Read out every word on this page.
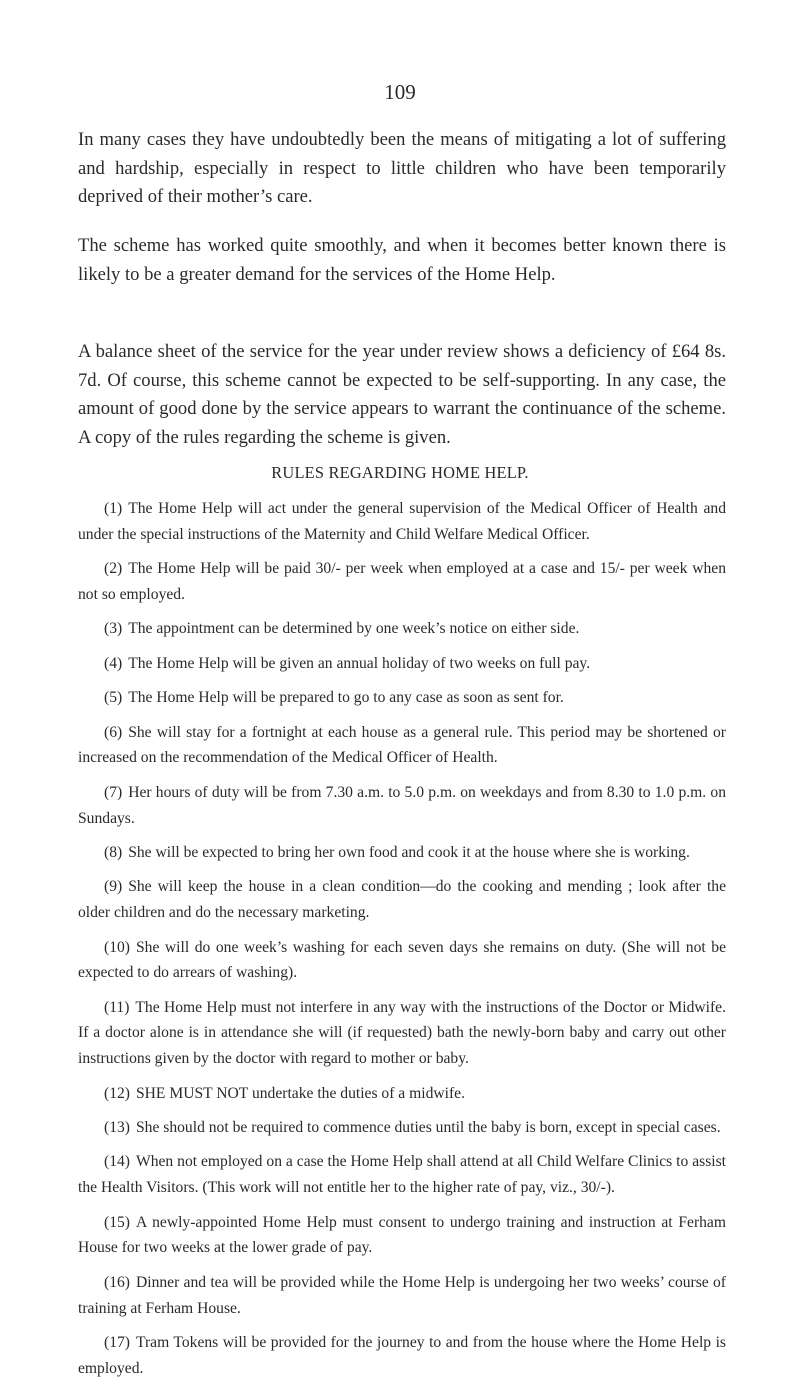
109

In many cases they have undoubtedly been the means of mitigating a lot of suffering and hardship, especially in respect to little children who have been temporarily deprived of their mother’s care.

The scheme has worked quite smoothly, and when it becomes better known there is likely to be a greater demand for the services of the Home Help.

A balance sheet of the service for the year under review shows a deficiency of £64 8s. 7d. Of course, this scheme cannot be expected to be self-supporting. In any case, the amount of good done by the service appears to warrant the continuance of the scheme. A copy of the rules regarding the scheme is given.

RULES REGARDING HOME HELP.
(1) The Home Help will act under the general supervision of the Medical Officer of Health and under the special instructions of the Maternity and Child Welfare Medical Officer.
(2) The Home Help will be paid 30/- per week when employed at a case and 15/- per week when not so employed.
(3) The appointment can be determined by one week’s notice on either side.
(4) The Home Help will be given an annual holiday of two weeks on full pay.
(5) The Home Help will be prepared to go to any case as soon as sent for.
(6) She will stay for a fortnight at each house as a general rule. This period may be shortened or increased on the recommendation of the Medical Officer of Health.
(7) Her hours of duty will be from 7.30 a.m. to 5.0 p.m. on weekdays and from 8.30 to 1.0 p.m. on Sundays.
(8) She will be expected to bring her own food and cook it at the house where she is working.
(9) She will keep the house in a clean condition—do the cooking and mending ; look after the older children and do the necessary marketing.
(10) She will do one week’s washing for each seven days she remains on duty. (She will not be expected to do arrears of washing).
(11) The Home Help must not interfere in any way with the instructions of the Doctor or Midwife. If a doctor alone is in attendance she will (if requested) bath the newly-born baby and carry out other instructions given by the doctor with regard to mother or baby.
(12) SHE MUST NOT undertake the duties of a midwife.
(13) She should not be required to commence duties until the baby is born, except in special cases.
(14) When not employed on a case the Home Help shall attend at all Child Welfare Clinics to assist the Health Visitors. (This work will not entitle her to the higher rate of pay, viz., 30/-).
(15) A newly-appointed Home Help must consent to undergo training and instruction at Ferham House for two weeks at the lower grade of pay.
(16) Dinner and tea will be provided while the Home Help is undergoing her two weeks’ course of training at Ferham House.
(17) Tram Tokens will be provided for the journey to and from the house where the Home Help is employed.
